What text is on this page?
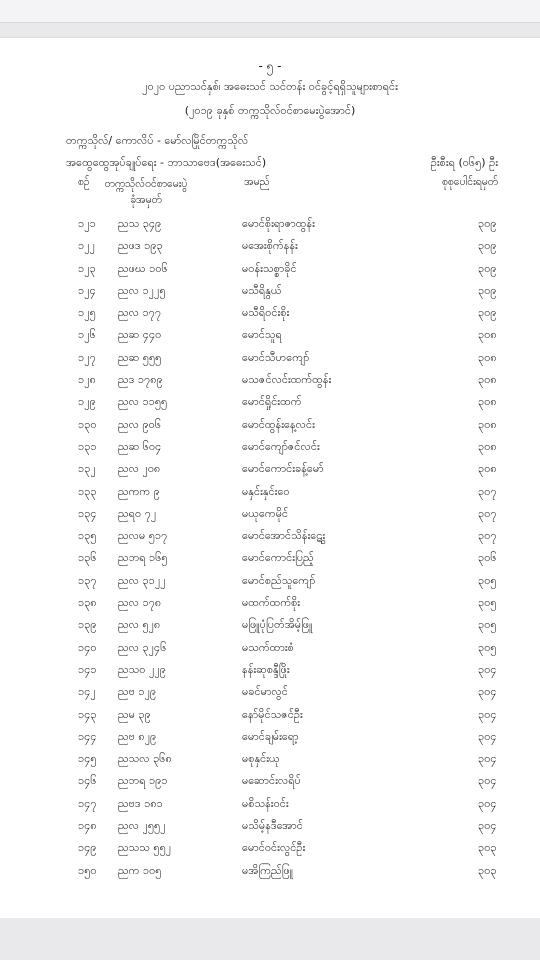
- ၅ -
၂၀၂၀ ပညာသင်နှစ်၊ အဓေးသင် သင်တန်း ဝင်ခွင့်ရရှိသူများစာရင်း
(၂၀၁၉ ခုနှစ် တက္ကသိုလ်ဝင်စာမေးပွဲအောင်)
တက္ကသိုလ်/ ကောလိပ် - မော်လမြိုင်တက္ကသိုလ်
အထွေထွေအုပ်ချုပ်ရေး - ဘာသာဗေဒ(အဓေးသင်)	ဦးစီးရ (၀၆၅) ဦး
စဉ်	တက္ကသိုလ်ဝင်စာမေးပွဲ
ခုံအမှတ်
အမည်	စုစုပေါင်းရမှတ်
၁၂၁ ညသ ၃၄၉	မောင်စိုးရာဇာထွန်း	၃၀၉
၁၂၂ ညဖဒ ၁၉၃	မအေးစိုက်နန်း	၃၀၉
၁၂၃ ညဖဃ ၁၀၆	မဝန်းသစ္စာခိုင်	၃၀၉
၁၂၄ ညလ ၁၂၂၅	မသီရိနွယ်	၃၀၉
၁၂၅ ညလ ၁၇၇	မသီရိဝင်းစိုး	၃၀၉
၁၂၆ ညဆ ၄၄၀	မောင်သူရ	၃၀၈
၁၂၇ ညဆ ၅၅၅	မောင်သီဟကျော်	၃၀၈
၁၂၈ ညဒ ၁၇၈၉	မသဇင်လင်းထက်ထွန်း	၃၀၈
၁၂၉ ညလ ၁၁၅၅	မောင်ရှိုင်းထက်	၃၀၈
၁၃၀ ညလ ၉၀၆	မောင်ထွန်းနေ့လင်း	၃၀၈
၁၃၁ ညဆ ၆၀၄	မောင်ကျော်ဇင်လင်း	၃၀၈
၁၃၂ ညလ ၂၀၈	မောင်ကောင်းခန့်မော်	၃၀၈
၁၃၃ ညကက ၉	မနှင်းနှင်းဝေ	၃၀၇
၁၃၄ ညရ၀ ၇၂	မယုကေမိုင်	၃၀၇
၁၃၅ ညလမ ၅၁၇	မောင်အောင်သိန်းဋွေး	၃၀၇
၁၃၆ ညဘရ ၁၆၅	မောင်ကောင်းပြည့်	၃၀၆
၁၃၇ ညလ ၃၁၂၂	မောင်စည်သူကျော်	၃၀၅
၁၃၈ ညလ ၁၇၈	မထက်ထက်စိုး	၃၀၅
၁၃၉ ညလ ၅၂၈	မဖြူပုံပြတ်အိမ့်ဖြူ	၃၀၅
၁၄၀ ညလ ၃၂၄၆	မသက်ထားစံ	၃၀၅
၁၄၁ ညသ၀ ၂၂၉	နန်းဆုစန္ဒီဖြိုး	၃၀၄
၁၄၂ ညဗ ၁၂၉	မခင်မာလွင်	၃၀၄
၁၄၃ ညမ ၃၉	နော်မိုင်သဇင်ဦး	၃၀၄
၁၄၄ ညဗ ၈၂၉	မောင်ချမ်းရော့	၃၀၄
၁၄၅ ညသလ ၃၆၈	မစုနှင်းယု	၃၀၄
၁၄၆ ညဘရ ၁၉၁	မဆောင်းလရိပ်	၃၀၄
၁၄၇ ညဗဒ ၁၈၁	မစိသန်းဝင်း	၃၀၄
၁၄၈ ညလ ၂၅၅၂	မသိမ့်နဒီအောင်	၃၀၄
၁၄၉ ညသသ ၅၅၂	မောင်ဝင်းလွင်ဦး	၃၀၃
၁၅၀ ညက ၁၀၅	မအိကြည်ဖြူ	၃၀၃
